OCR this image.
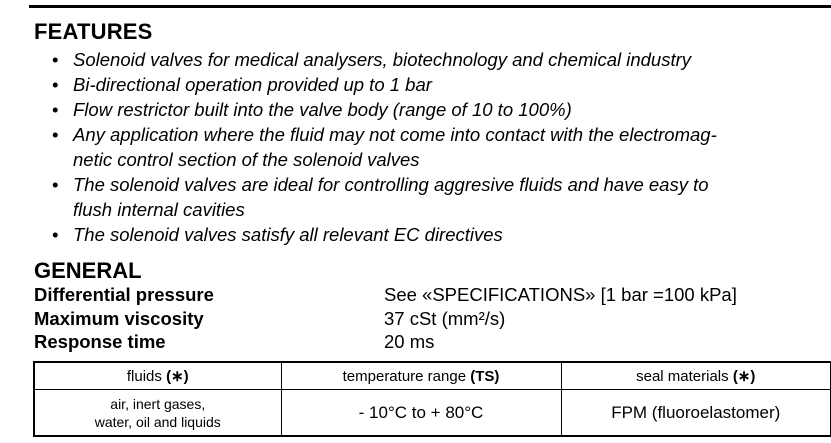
FEATURES
• Solenoid valves for medical analysers, biotechnology and chemical industry
• Bi-directional operation provided up to 1 bar
• Flow restrictor built into the valve body (range of 10 to 100%)
• Any application where the fluid may not come into contact with the electromag-
netic control section of the solenoid valves
• The solenoid valves are ideal for controlling aggresive fluids and have easy to
flush internal cavities
• The solenoid valves satisfy all relevant EC directives
GENERAL
Differential pressure	See «SPECIFICATIONS» [1 bar =100 kPa]
Maximum viscosity	37 cSt (mm²/s)
Response time	20 ms
fluids (∗)	temperature range (TS)	seal materials (∗)

air, inert gases,
water, oil and liquids	- 10°C to + 80°C	FPM (fluoroelastomer)
